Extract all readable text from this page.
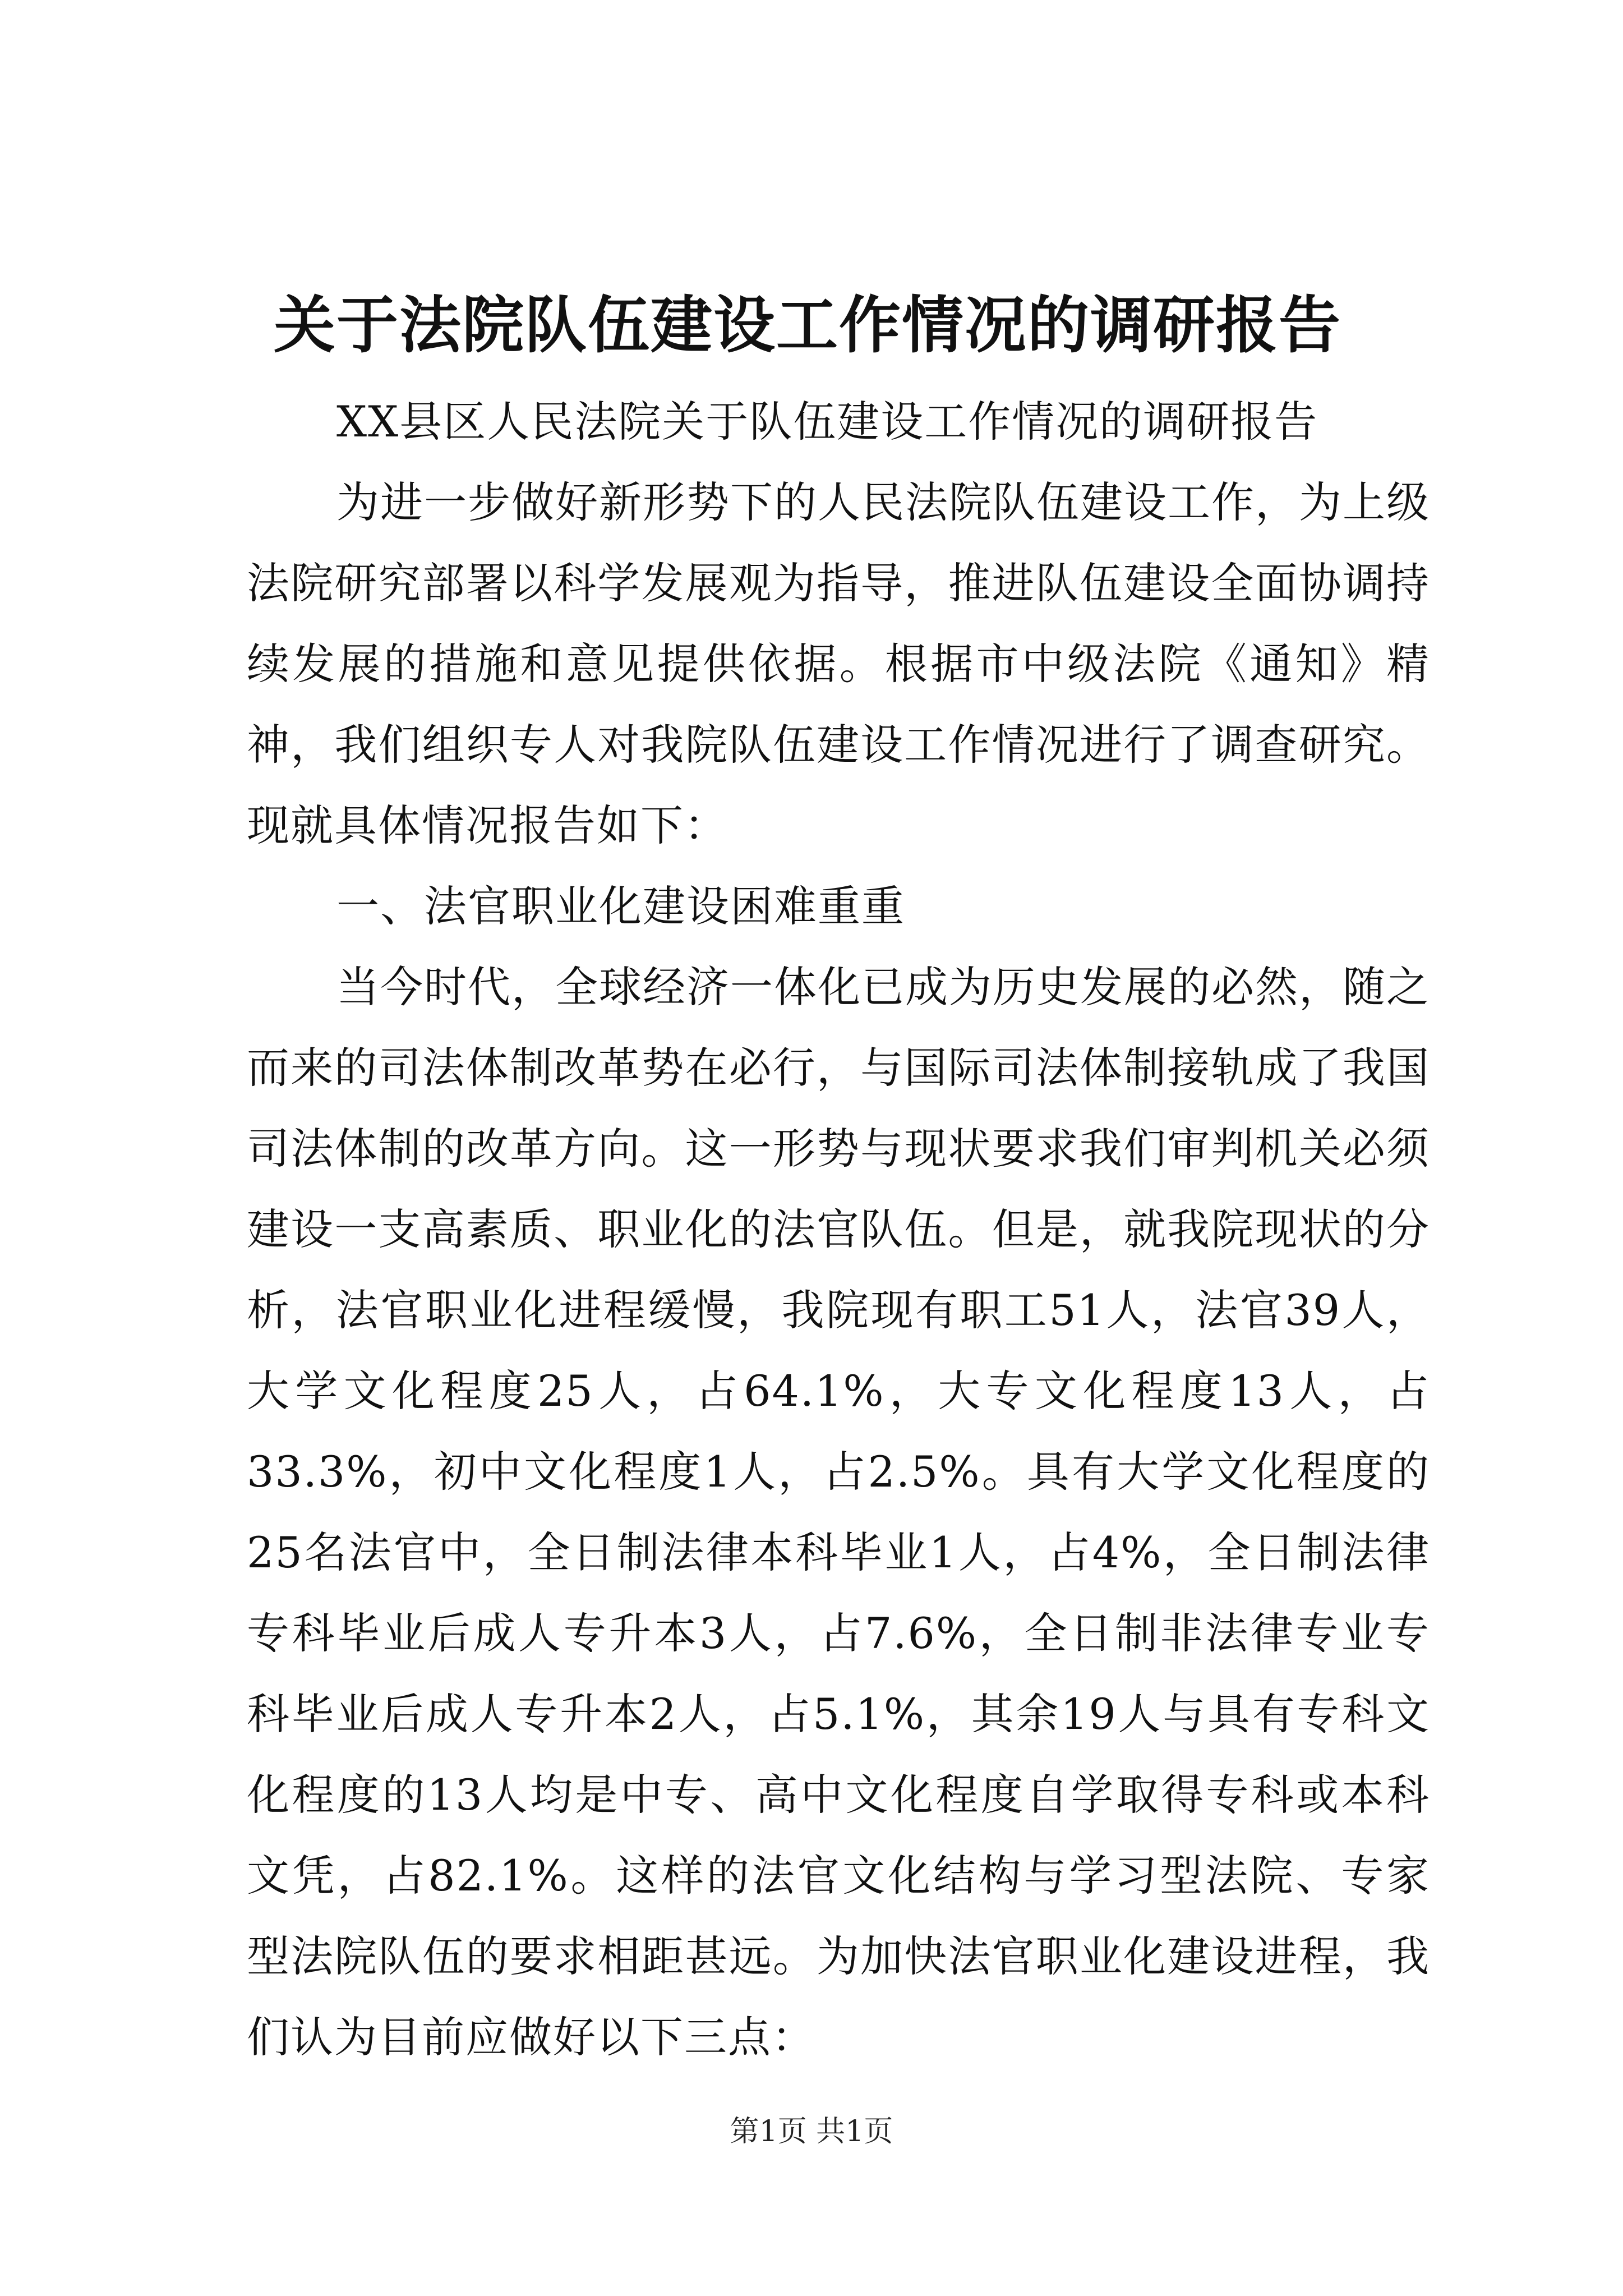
关于法院队伍建设工作情况的调研报告

XX县区人民法院关于队伍建设工作情况的调研报告

为进一步做好新形势下的人民法院队伍建设工作，为上级法院研究部署以科学发展观为指导，推进队伍建设全面协调持续发展的措施和意见提供依据。根据市中级法院《通知》精神，我们组织专人对我院队伍建设工作情况进行了调查研究。现就具体情况报告如下：

一、法官职业化建设困难重重

当今时代，全球经济一体化已成为历史发展的必然，随之而来的司法体制改革势在必行，与国际司法体制接轨成了我国司法体制的改革方向。这一形势与现状要求我们审判机关必须建设一支高素质、职业化的法官队伍。但是，就我院现状的分析，法官职业化进程缓慢，我院现有职工51人，法官39人，大学文化程度25人，占64.1%，大专文化程度13人，占33.3%，初中文化程度1人，占2.5%。具有大学文化程度的25名法官中，全日制法律本科毕业1人，占4%，全日制法律专科毕业后成人专升本3人，占7.6%，全日制非法律专业专科毕业后成人专升本2人，占5.1%，其余19人与具有专科文化程度的13人均是中专、高中文化程度自学取得专科或本科文凭，占82.1%。这样的法官文化结构与学习型法院、专家型法院队伍的要求相距甚远。为加快法官职业化建设进程，我们认为目前应做好以下三点：

第1页 共1页
